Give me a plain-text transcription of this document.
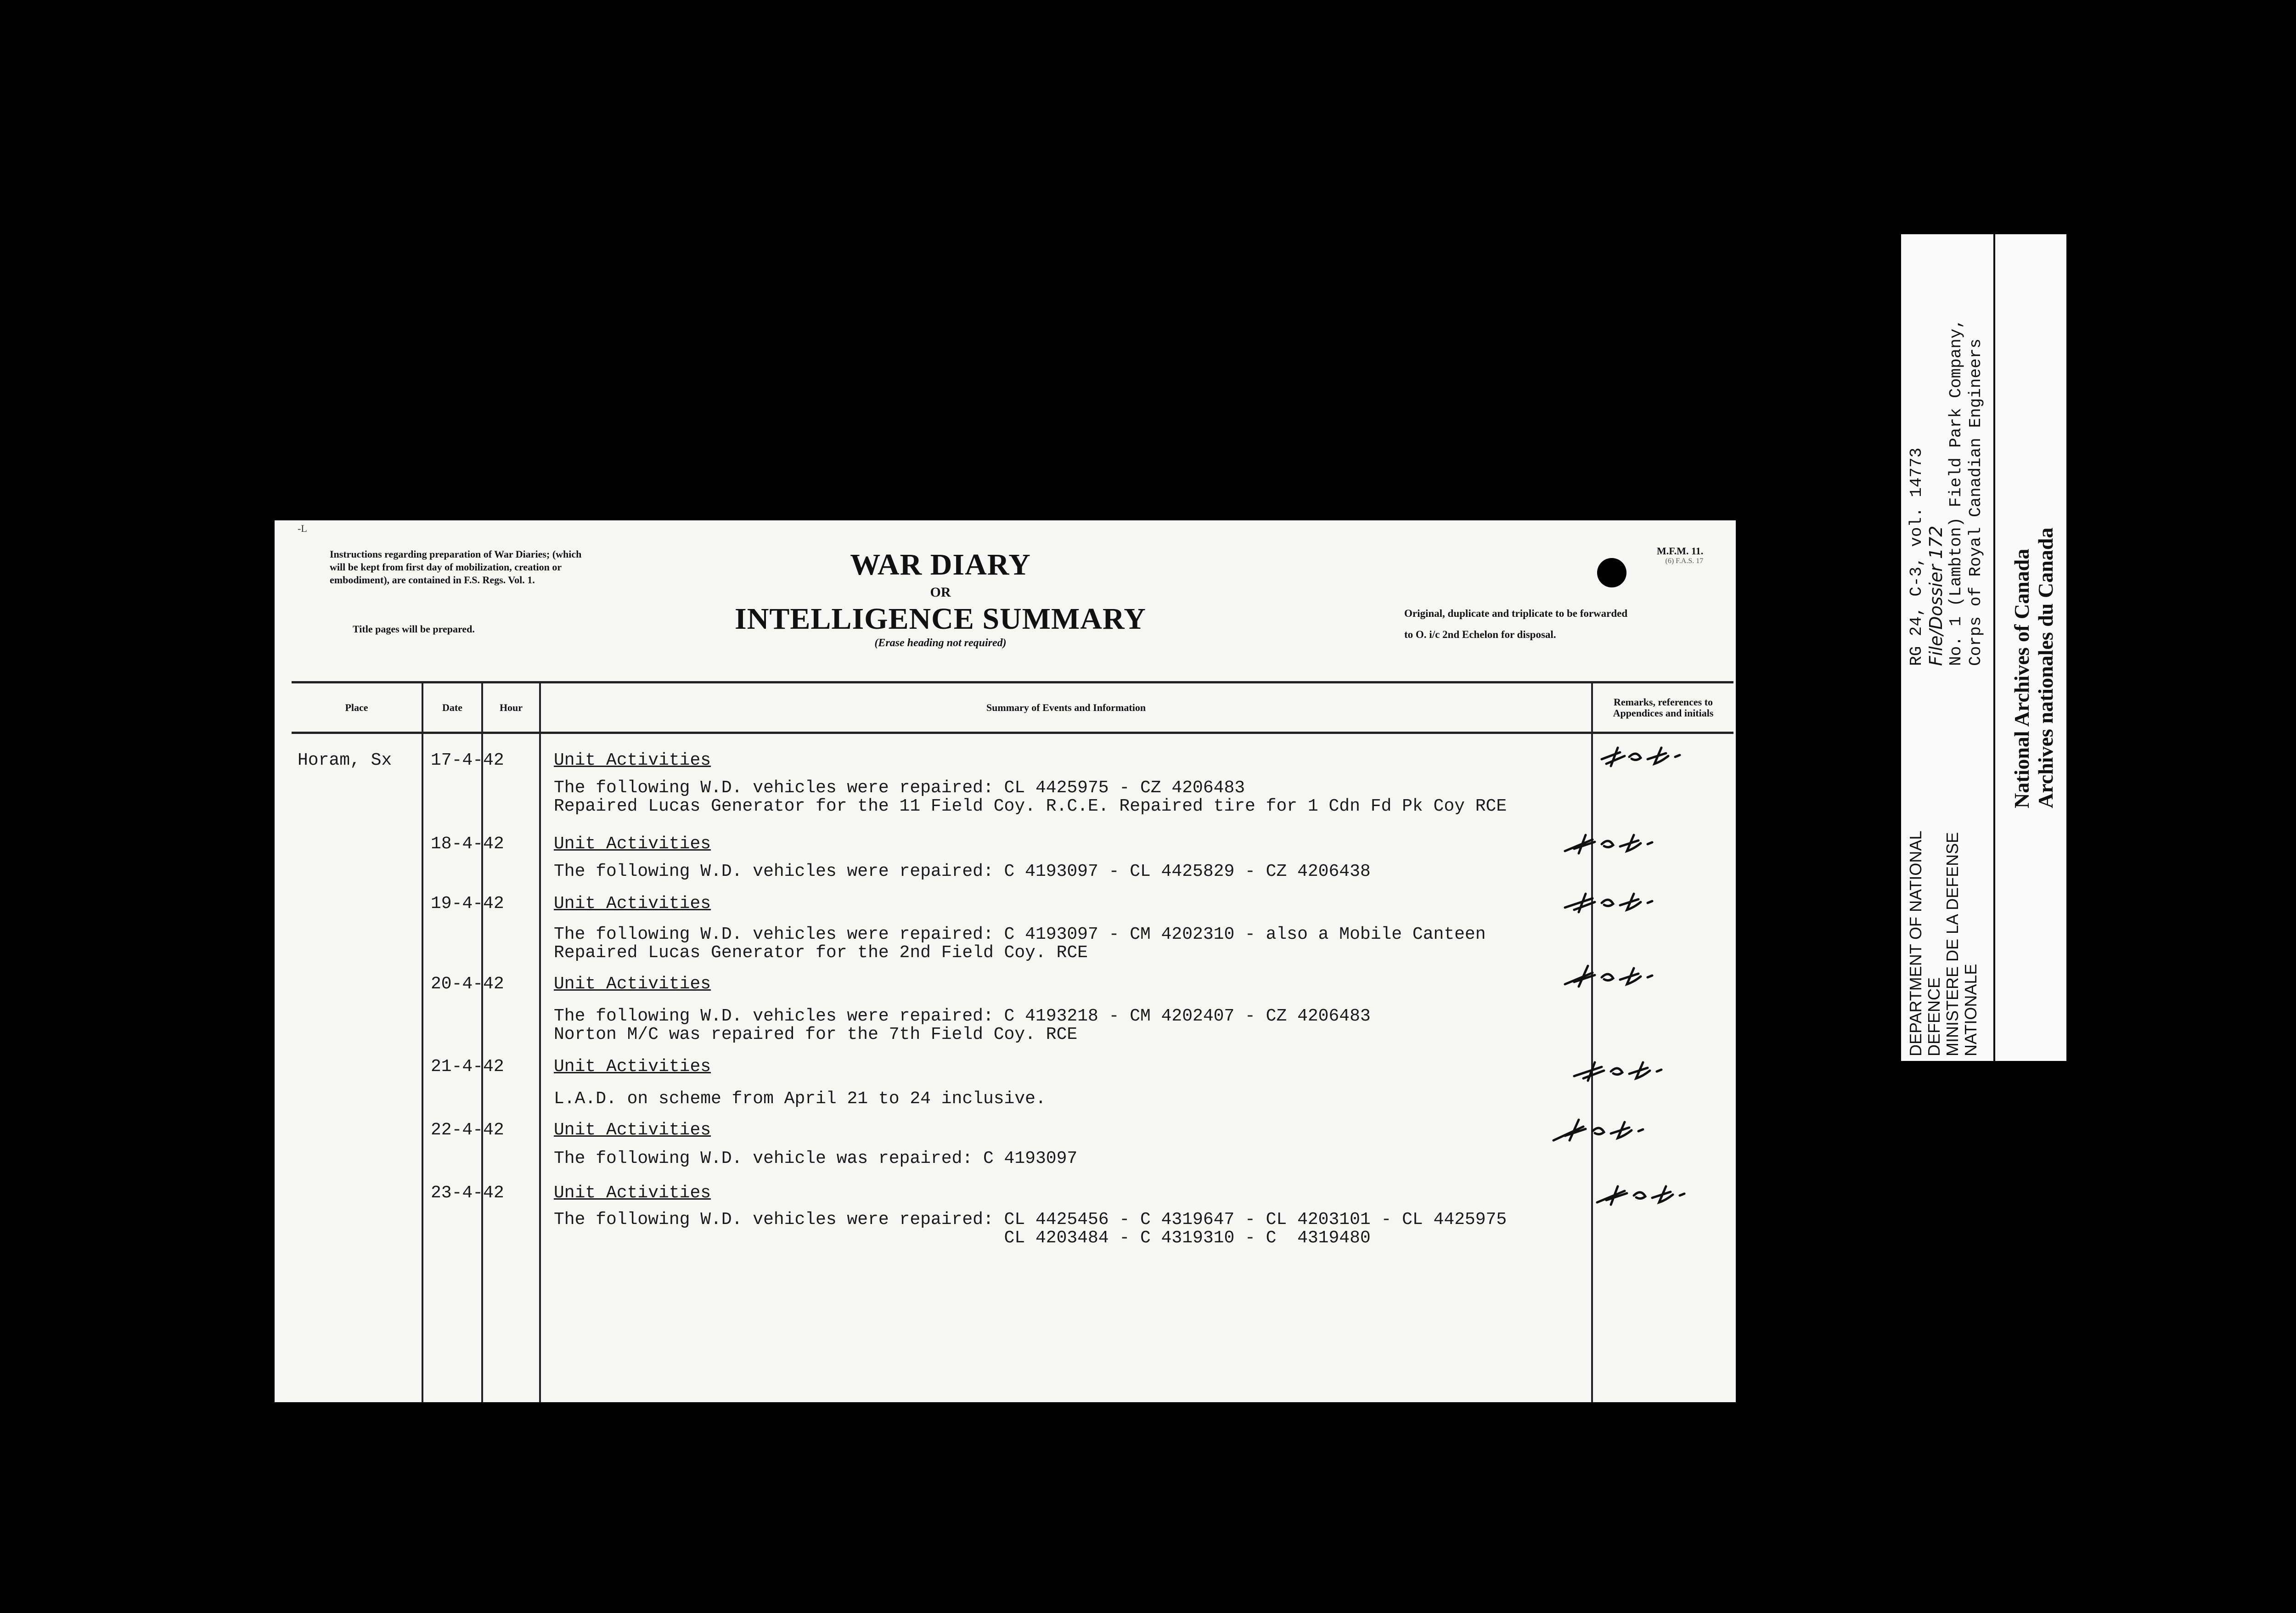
-L
Instructions regarding preparation of War Diaries; (which will be kept from first day of mobilization, creation or embodiment), are contained in F.S. Regs. Vol. 1.
Title pages will be prepared.
WAR DIARY
OR
INTELLIGENCE SUMMARY
(Erase heading not required)
M.F.M. 11.
(6) F.A.S. 17
Original, duplicate and triplicate to be forwarded
to O. i/c 2nd Echelon for disposal.
Place	Date	Hour	Summary of Events and Information	Remarks, references to Appendices and initials
Horam, Sx 17-4-42	Unit Activities
The following W.D. vehicles were repaired: CL 4425975 - CZ 4206483
Repaired Lucas Generator for the 11 Field Coy. R.C.E. Repaired tire for 1 Cdn Fd Pk Coy RCE
18-4-42	Unit Activities
The following W.D. vehicles were repaired: C 4193097 - CL 4425829 - CZ 4206438
19-4-42	Unit Activities
The following W.D. vehicles were repaired: C 4193097 - CM 4202310 - also a Mobile Canteen
Repaired Lucas Generator for the 2nd Field Coy. RCE
20-4-42	Unit Activities
The following W.D. vehicles were repaired: C 4193218 - CM 4202407 - CZ 4206483
Norton M/C was repaired for the 7th Field Coy. RCE
21-4-42	Unit Activities
L.A.D. on scheme from April 21 to 24 inclusive.
22-4-42	Unit Activities
The following W.D. vehicle was repaired: C 4193097
23-4-42	Unit Activities
The following W.D. vehicles were repaired: CL 4425456 - C 4319647 - CL 4203101 - CL 4425975
CL 4203484 - C 4319310 - C  4319480
RG 24, C-3, vol. 14773 File/Dossier 172 No. 1 (Lambton) Field Park Company, Corps of Royal Canadian Engineers
DEPARTMENT OF NATIONAL DEFENCE MINISTERE DE LA DEFENSE NATIONALE
National Archives of Canada Archives nationales du Canada
